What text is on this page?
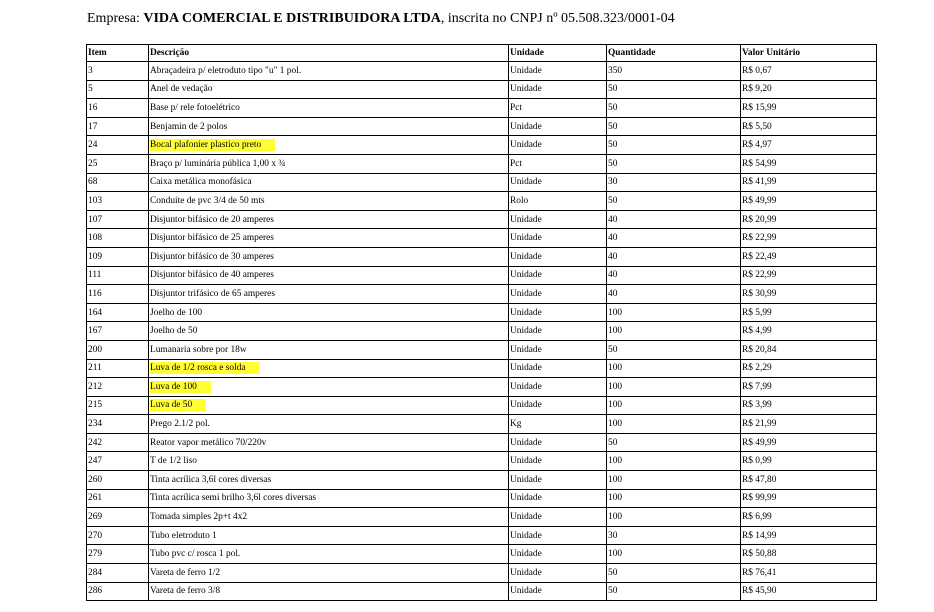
Empresa: VIDA COMERCIAL E DISTRIBUIDORA LTDA, inscrita no CNPJ nº 05.508.323/0001-04
Item	Descrição	Unidade	Quantidade	Valor Unitário
3	Abraçadeira p/ eletroduto tipo "u" 1 pol.	Unidade	350	R$ 0,67
5	Anel de vedação	Unidade	50	R$ 9,20
16	Base p/ rele fotoelétrico	Pct	50	R$ 15,99
17	Benjamin de 2 polos	Unidade	50	R$ 5,50
24	Bocal plafonier plastico preto	Unidade	50	R$ 4,97
25	Braço p/ luminária pública 1,00 x ¾	Pct	50	R$ 54,99
68	Caixa metálica monofásica	Unidade	30	R$ 41,99
103	Conduíte de pvc 3/4 de 50 mts	Rolo	50	R$ 49,99
107	Disjuntor bifásico de 20 amperes	Unidade	40	R$ 20,99
108	Disjuntor bifásico de 25 amperes	Unidade	40	R$ 22,99
109	Disjuntor bifásico de 30 amperes	Unidade	40	R$ 22,49
111	Disjuntor bifásico de 40 amperes	Unidade	40	R$ 22,99
116	Disjuntor trifásico de 65 amperes	Unidade	40	R$ 30,99
164	Joelho de 100	Unidade	100	R$ 5,99
167	Joelho de 50	Unidade	100	R$ 4,99
200	Lumanaria sobre por 18w	Unidade	50	R$ 20,84
211	Luva de 1/2 rosca e solda	Unidade	100	R$ 2,29
212	Luva de 100	Unidade	100	R$ 7,99
215	Luva de 50	Unidade	100	R$ 3,99
234	Prego 2.1/2 pol.	Kg	100	R$ 21,99
242	Reator vapor metálico 70/220v	Unidade	50	R$ 49,99
247	T de 1/2 liso	Unidade	100	R$ 0,99
260	Tinta acrílica 3,6l cores diversas	Unidade	100	R$ 47,80
261	Tinta acrílica semi brilho 3,6l cores diversas	Unidade	100	R$ 99,99
269	Tomada simples 2p+t 4x2	Unidade	100	R$ 6,99
270	Tubo eletroduto 1	Unidade	30	R$ 14,99
279	Tubo pvc c/ rosca 1 pol.	Unidade	100	R$ 50,88
284	Vareta de ferro 1/2	Unidade	50	R$ 76,41
286	Vareta de ferro 3/8	Unidade	50	R$ 45,90
